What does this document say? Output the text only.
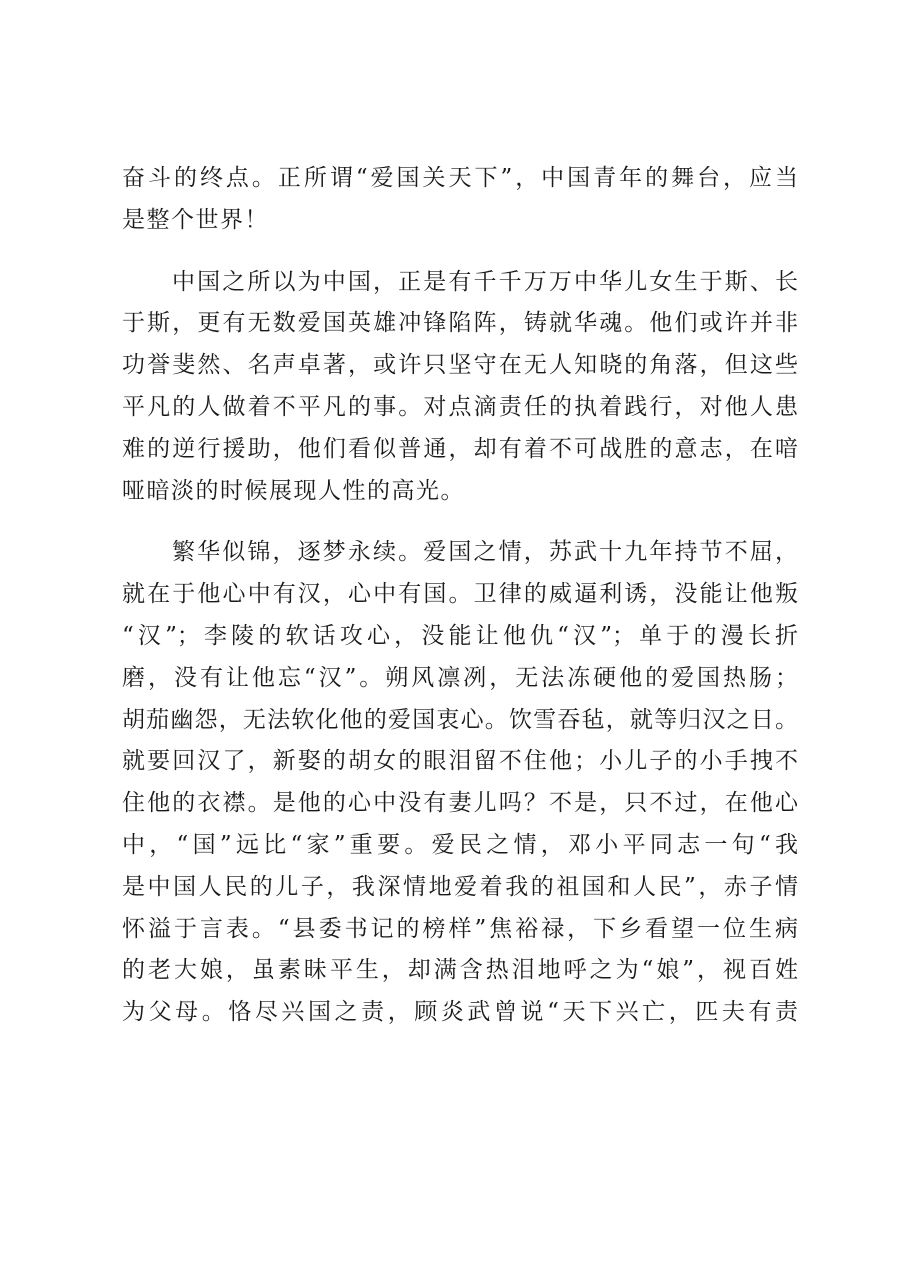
奋斗的终点。正所谓“爱国关天下”，中国青年的舞台，应当
是整个世界！
中国之所以为中国，正是有千千万万中华儿女生于斯、长
于斯，更有无数爱国英雄冲锋陷阵，铸就华魂。他们或许并非
功誉斐然、名声卓著，或许只坚守在无人知晓的角落，但这些
平凡的人做着不平凡的事。对点滴责任的执着践行，对他人患
难的逆行援助，他们看似普通，却有着不可战胜的意志，在喑
哑暗淡的时候展现人性的高光。
繁华似锦，逐梦永续。爱国之情，苏武十九年持节不屈，
就在于他心中有汉，心中有国。卫律的威逼利诱，没能让他叛
“汉”；李陵的软话攻心，没能让他仇“汉”；单于的漫长折
磨，没有让他忘“汉”。朔风凛冽，无法冻硬他的爱国热肠；
胡茄幽怨，无法软化他的爱国衷心。饮雪吞毡，就等归汉之日。
就要回汉了，新娶的胡女的眼泪留不住他；小儿子的小手拽不
住他的衣襟。是他的心中没有妻儿吗？不是，只不过，在他心
中，“国”远比“家”重要。爱民之情，邓小平同志一句“我
是中国人民的儿子，我深情地爱着我的祖国和人民”，赤子情
怀溢于言表。“县委书记的榜样”焦裕禄，下乡看望一位生病
的老大娘，虽素昧平生，却满含热泪地呼之为“娘”，视百姓
为父母。恪尽兴国之责，顾炎武曾说“天下兴亡，匹夫有责
